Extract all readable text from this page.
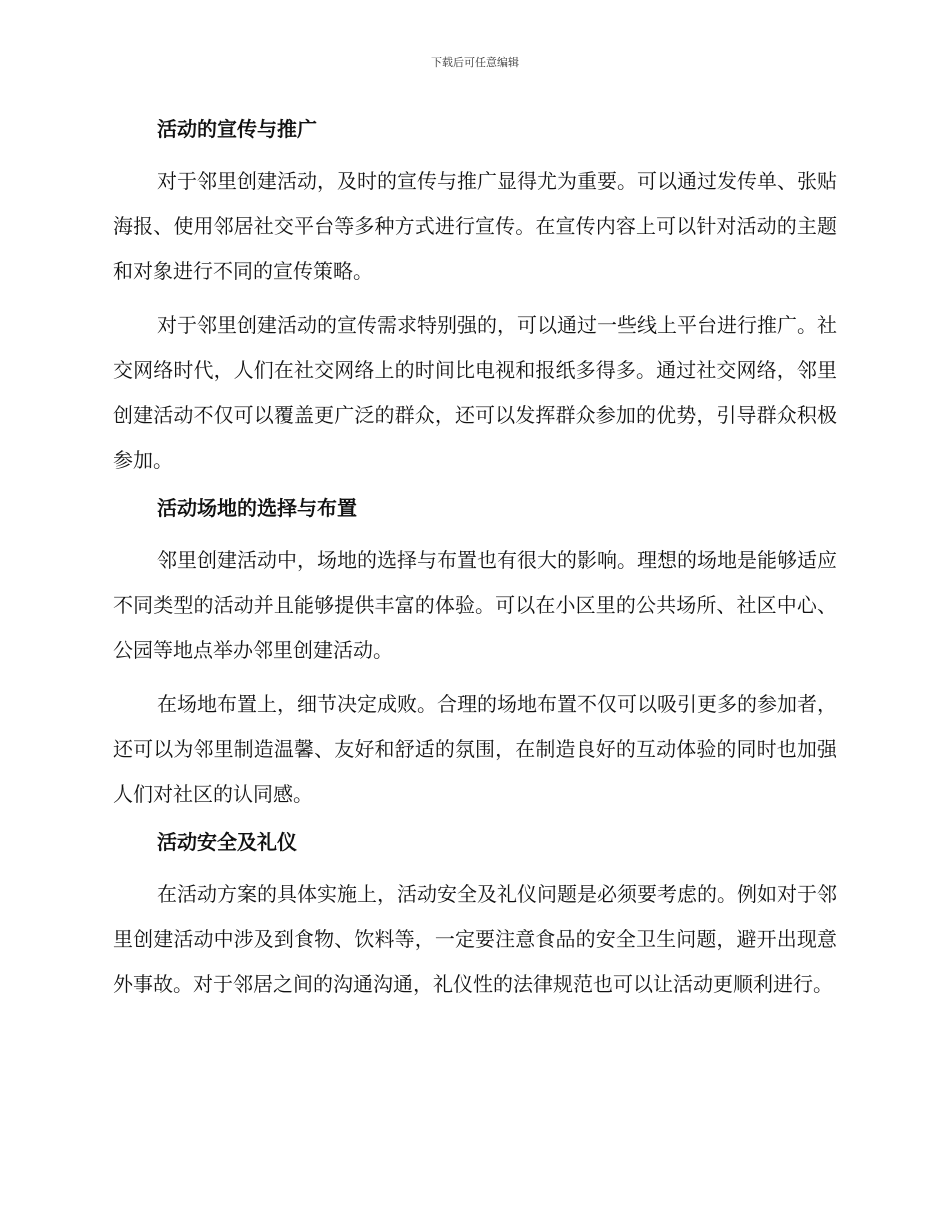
下载后可任意编辑
活动的宣传与推广

对于邻里创建活动，及时的宣传与推广显得尤为重要。可以通过发传单、张贴海报、使用邻居社交平台等多种方式进行宣传。在宣传内容上可以针对活动的主题和对象进行不同的宣传策略。

对于邻里创建活动的宣传需求特别强的，可以通过一些线上平台进行推广。社交网络时代，人们在社交网络上的时间比电视和报纸多得多。通过社交网络，邻里创建活动不仅可以覆盖更广泛的群众，还可以发挥群众参加的优势，引导群众积极参加。

活动场地的选择与布置

邻里创建活动中，场地的选择与布置也有很大的影响。理想的场地是能够适应不同类型的活动并且能够提供丰富的体验。可以在小区里的公共场所、社区中心、公园等地点举办邻里创建活动。

在场地布置上，细节决定成败。合理的场地布置不仅可以吸引更多的参加者，还可以为邻里制造温馨、友好和舒适的氛围，在制造良好的互动体验的同时也加强人们对社区的认同感。

活动安全及礼仪

在活动方案的具体实施上，活动安全及礼仪问题是必须要考虑的。例如对于邻里创建活动中涉及到食物、饮料等，一定要注意食品的安全卫生问题，避开出现意外事故。对于邻居之间的沟通沟通，礼仪性的法律规范也可以让活动更顺利进行。
